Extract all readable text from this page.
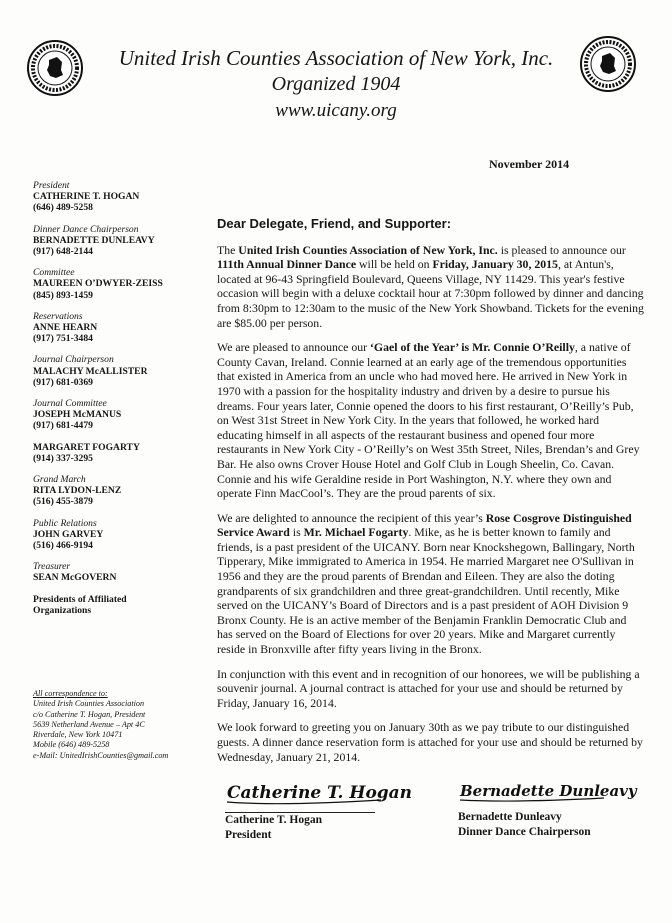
United Irish Counties Association of New York, Inc.
Organized 1904
www.uicany.org
November 2014
President
CATHERINE T. HOGAN
(646) 489-5258
Dinner Dance Chairperson
BERNADETTE DUNLEAVY
(917) 648-2144
Committee
MAUREEN O’DWYER-ZEISS
(845) 893-1459
Reservations
ANNE HEARN
(917) 751-3484
Journal Chairperson
MALACHY McALLISTER
(917) 681-0369
Journal Committee
JOSEPH McMANUS
(917) 681-4479
MARGARET FOGARTY
(914) 337-3295
Grand March
RITA LYDON-LENZ
(516) 455-3879
Public Relations
JOHN GARVEY
(516) 466-9194
Treasurer
SEAN McGOVERN
Presidents of Affiliated Organizations
All correspondence to:
United Irish Counties Association
c/o Catherine T. Hogan, President
5639 Netherland Avenue – Apt 4C
Riverdale, New York 10471
Mobile (646) 489-5258
e-Mail: UnitedIrishCounties@gmail.com
Dear Delegate, Friend, and Supporter:

The United Irish Counties Association of New York, Inc. is pleased to announce our 111th Annual Dinner Dance will be held on Friday, January 30, 2015, at Antun's, located at 96-43 Springfield Boulevard, Queens Village, NY 11429. This year's festive occasion will begin with a deluxe cocktail hour at 7:30pm followed by dinner and dancing from 8:30pm to 12:30am to the music of the New York Showband. Tickets for the evening are $85.00 per person.

We are pleased to announce our ‘Gael of the Year’ is Mr. Connie O’Reilly, a native of County Cavan, Ireland. Connie learned at an early age of the tremendous opportunities that existed in America from an uncle who had moved here. He arrived in New York in 1970 with a passion for the hospitality industry and driven by a desire to pursue his dreams. Four years later, Connie opened the doors to his first restaurant, O’Reilly’s Pub, on West 31st Street in New York City. In the years that followed, he worked hard educating himself in all aspects of the restaurant business and opened four more restaurants in New York City - O’Reilly’s on West 35th Street, Niles, Brendan’s and Grey Bar. He also owns Crover House Hotel and Golf Club in Lough Sheelin, Co. Cavan. Connie and his wife Geraldine reside in Port Washington, N.Y. where they own and operate Finn MacCool’s. They are the proud parents of six.

We are delighted to announce the recipient of this year’s Rose Cosgrove Distinguished Service Award is Mr. Michael Fogarty. Mike, as he is better known to family and friends, is a past president of the UICANY. Born near Knockshegown, Ballingary, North Tipperary, Mike immigrated to America in 1954. He married Margaret nee O'Sullivan in 1956 and they are the proud parents of Brendan and Eileen. They are also the doting grandparents of six grandchildren and three great-grandchildren. Until recently, Mike served on the UICANY’s Board of Directors and is a past president of AOH Division 9 Bronx County. He is an active member of the Benjamin Franklin Democratic Club and has served on the Board of Elections for over 20 years. Mike and Margaret currently reside in Bronxville after fifty years living in the Bronx.

In conjunction with this event and in recognition of our honorees, we will be publishing a souvenir journal. A journal contract is attached for your use and should be returned by Friday, January 16, 2014.

We look forward to greeting you on January 30th as we pay tribute to our distinguished guests. A dinner dance reservation form is attached for your use and should be returned by Wednesday, January 21, 2014.

Catherine T. Hogan
Catherine T. Hogan
President
Bernadette Dunleavy
Bernadette Dunleavy
Dinner Dance Chairperson
